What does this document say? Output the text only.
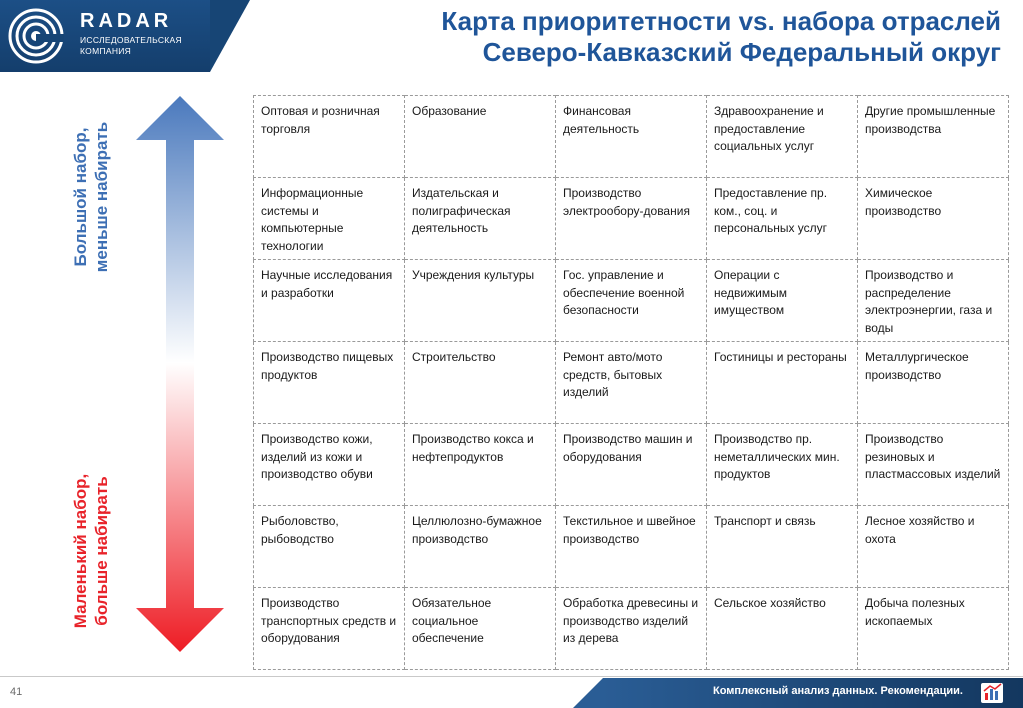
RADAR
ИССЛЕДОВАТЕЛЬСКАЯ
КОМПАНИЯ
Карта приоритетности vs. набора отраслей
Северо-Кавказский Федеральный округ
Большой набор, меньше набирать
Маленький набор, больше набирать
Оптовая и розничная торговля	Образование	Финансовая деятельность	Здравоохранение и предоставление социальных услуг	Другие промышленные производства
Информационные системы и компьютерные технологии	Издательская и полиграфическая деятельность	Производство электрообору-дования	Предоставление пр. ком., соц. и персональных услуг	Химическое производство
Научные исследования и разработки	Учреждения культуры	Гос. управление и обеспечение военной безопасности	Операции с недвижимым имуществом	Производство и распределение электроэнергии, газа и воды
Производство пищевых продуктов	Строительство	Ремонт авто/мото средств, бытовых изделий	Гостиницы и рестораны	Металлургическое производство
Производство кожи, изделий из кожи и производство обуви	Производство кокса и нефтепродуктов	Производство машин и оборудования	Производство пр. неметаллических мин. продуктов	Производство резиновых и пластмассовых изделий
Рыболовство, рыбоводство	Целлюлозно-бумажное производство	Текстильное и швейное производство	Транспорт и связь	Лесное хозяйство и охота
Производство транспортных средств и оборудования	Обязательное социальное обеспечение	Обработка древесины и производство изделий из дерева	Сельское хозяйство	Добыча полезных ископаемых
41	Комплексный анализ данных. Рекомендации.
